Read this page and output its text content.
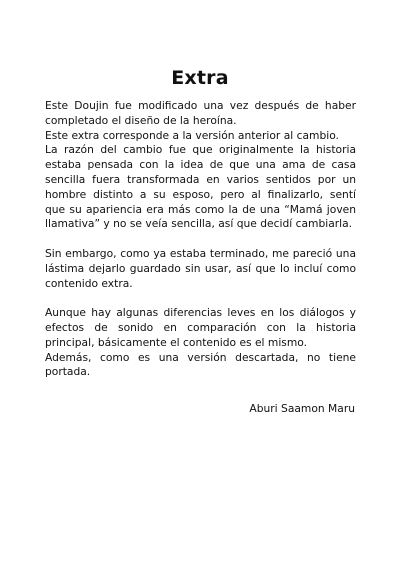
Extra
Este Doujin fue modificado una vez después de haber
completado el diseño de la heroína.
Este extra corresponde a la versión anterior al cambio.
La razón del cambio fue que originalmente la historia
estaba pensada con la idea de que una ama de casa
sencilla fuera transformada en varios sentidos por un
hombre distinto a su esposo, pero al finalizarlo, sentí
que su apariencia era más como la de una “Mamá joven
llamativa” y no se veía sencilla, así que decidí cambiarla.
Sin embargo, como ya estaba terminado, me pareció una
lástima dejarlo guardado sin usar, así que lo incluí como
contenido extra.
Aunque hay algunas diferencias leves en los diálogos y
efectos de sonido en comparación con la historia
principal, básicamente el contenido es el mismo.
Además, como es una versión descartada, no tiene
portada.
Aburi Saamon Maru
